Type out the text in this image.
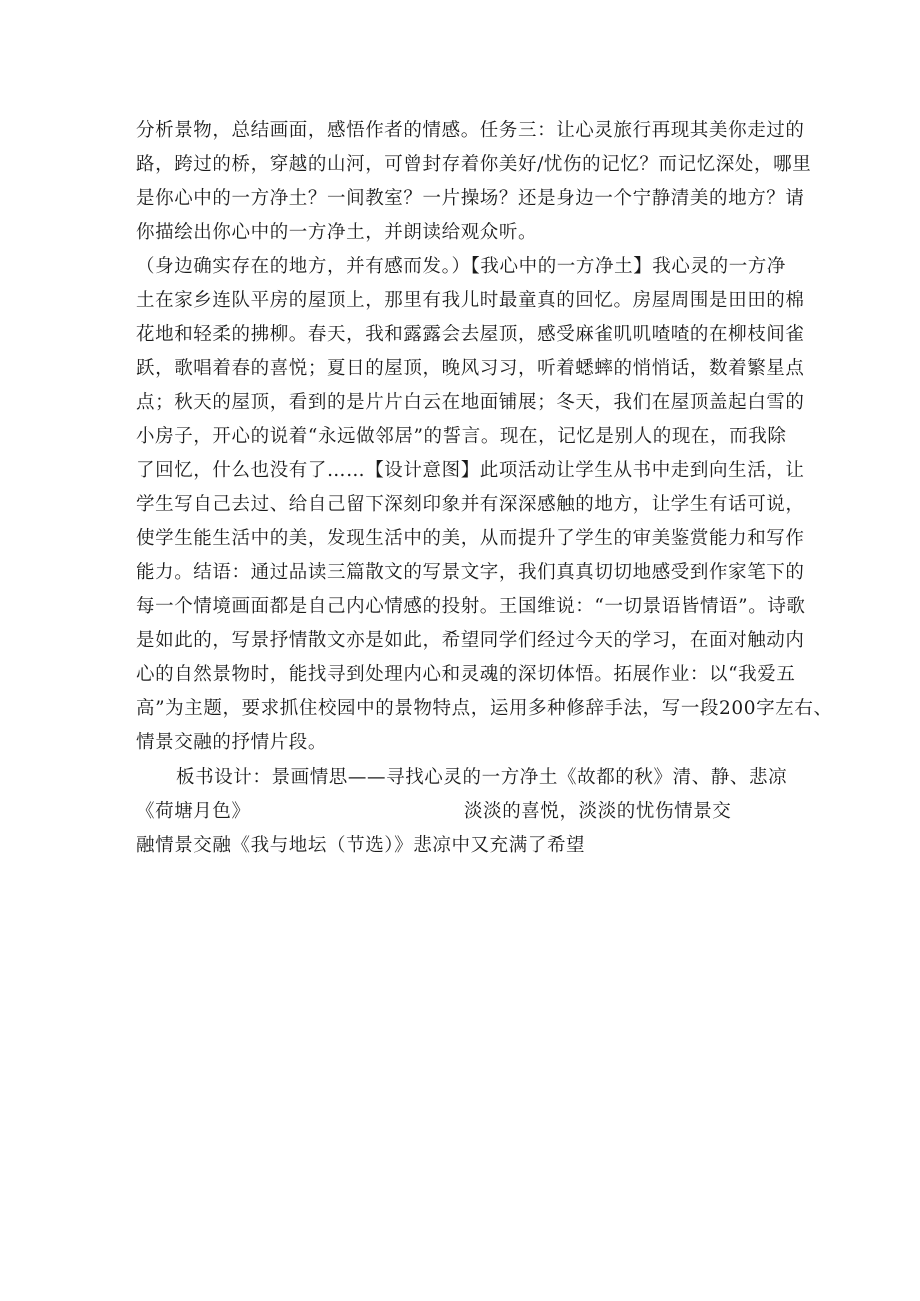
分析景物，总结画面，感悟作者的情感。任务三：让心灵旅行再现其美你走过的
路，跨过的桥，穿越的山河，可曾封存着你美好/忧伤的记忆？而记忆深处，哪里
是你心中的一方净土？一间教室？一片操场？还是身边一个宁静清美的地方？请
你描绘出你心中的一方净土，并朗读给观众听。
（身边确实存在的地方，并有感而发。）【我心中的一方净土】我心灵的一方净
土在家乡连队平房的屋顶上，那里有我儿时最童真的回忆。房屋周围是田田的棉
花地和轻柔的拂柳。春天，我和露露会去屋顶，感受麻雀叽叽喳喳的在柳枝间雀
跃，歌唱着春的喜悦；夏日的屋顶，晚风习习，听着蟋蟀的悄悄话，数着繁星点
点；秋天的屋顶，看到的是片片白云在地面铺展；冬天，我们在屋顶盖起白雪的
小房子，开心的说着“永远做邻居”的誓言。现在，记忆是别人的现在，而我除
了回忆，什么也没有了……【设计意图】此项活动让学生从书中走到向生活，让
学生写自己去过、给自己留下深刻印象并有深深感触的地方，让学生有话可说，
使学生能生活中的美，发现生活中的美，从而提升了学生的审美鉴赏能力和写作
能力。结语：通过品读三篇散文的写景文字，我们真真切切地感受到作家笔下的
每一个情境画面都是自己内心情感的投射。王国维说：“一切景语皆情语”。诗歌
是如此的，写景抒情散文亦是如此，希望同学们经过今天的学习，在面对触动内
心的自然景物时，能找寻到处理内心和灵魂的深切体悟。拓展作业：以“我爱五
高”为主题，要求抓住校园中的景物特点，运用多种修辞手法，写一段200字左右、
情景交融的抒情片段。
板书设计：景画情思——寻找心灵的一方净土《故都的秋》清、静、悲凉
《荷塘月色》	淡淡的喜悦，淡淡的忧伤情景交
融情景交融《我与地坛（节选）》悲凉中又充满了希望
